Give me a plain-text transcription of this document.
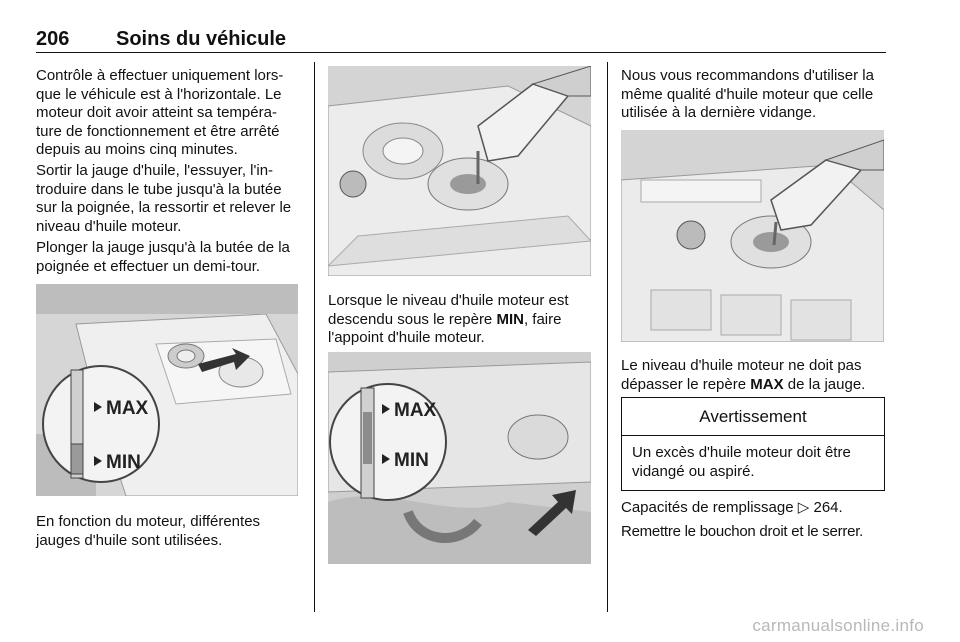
206 Soins du véhicule

Contrôle à effectuer uniquement lors- que le véhicule est à l'horizontale. Le moteur doit avoir atteint sa tempéra- ture de fonctionnement et être arrêté depuis au moins cinq minutes.

Sortir la jauge d'huile, l'essuyer, l'in- troduire dans le tube jusqu'à la butée sur la poignée, la ressortir et relever le niveau d'huile moteur.

Plonger la jauge jusqu'à la butée de la poignée et effectuer un demi-tour.

MAX
MIN

En fonction du moteur, différentes jauges d'huile sont utilisées.

Lorsque le niveau d'huile moteur est descendu sous le repère MIN, faire l'appoint d'huile moteur.

MAX
MIN

Nous vous recommandons d'utiliser la même qualité d'huile moteur que celle utilisée à la dernière vidange.

Le niveau d'huile moteur ne doit pas dépasser le repère MAX de la jauge.

Avertissement
Un excès d'huile moteur doit être vidangé ou aspiré.

Capacités de remplissage ▷ 264.

Remettre le bouchon droit et le serrer.

carmanualsonline.info
